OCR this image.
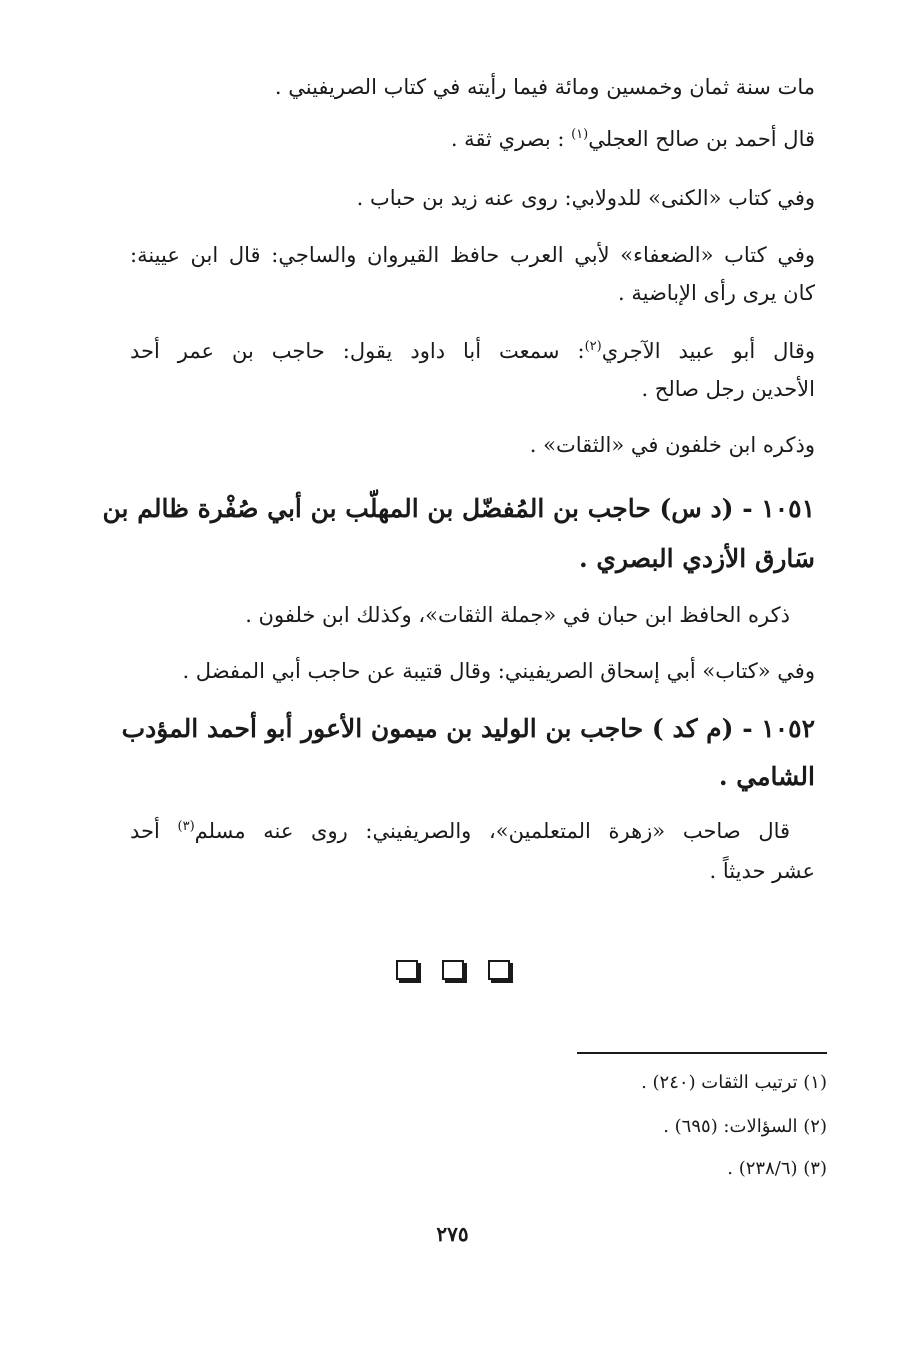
مات سنة ثمان وخمسين ومائة فيما رأيته في كتاب الصريفيني .
قال أحمد بن صالح العجلي$^{(١)}$ : بصري ثقة .
وفي كتاب «الكنى» للدولابي: روى عنه زيد بن حباب .
وفي كتاب «الضعفاء» لأبي العرب حافظ القيروان والساجي: قال ابن عيينة:
كان يرى رأى الإباضية .
وقال أبو عبيد الآجري$^{(٢)}$: سمعت أبا داود يقول: حاجب بن عمر أحد
الأحدين رجل صالح .
وذكره ابن خلفون في «الثقات» .
١٠٥١ - (د س) حاجب بن المُفضّل بن المهلّب بن أبي صُفْرة ظالم بن
سَارق الأزدي البصري .
ذكره الحافظ ابن حبان في «جملة الثقات»، وكذلك ابن خلفون .
وفي «كتاب» أبي إسحاق الصريفيني: وقال قتيبة عن حاجب أبي المفضل .
١٠٥٢ - (م كد ) حاجب بن الوليد بن ميمون الأعور أبو أحمد المؤدب
الشامي .
قال صاحب «زهرة المتعلمين»، والصريفيني: روى عنه مسلم$^{(٣)}$ أحد
عشر حديثاً .
(١) ترتيب الثقات (٢٤٠) .
(٢) السؤالات: (٦٩٥) .
(٣) (٢٣٨/٦) .
٢٧٥
